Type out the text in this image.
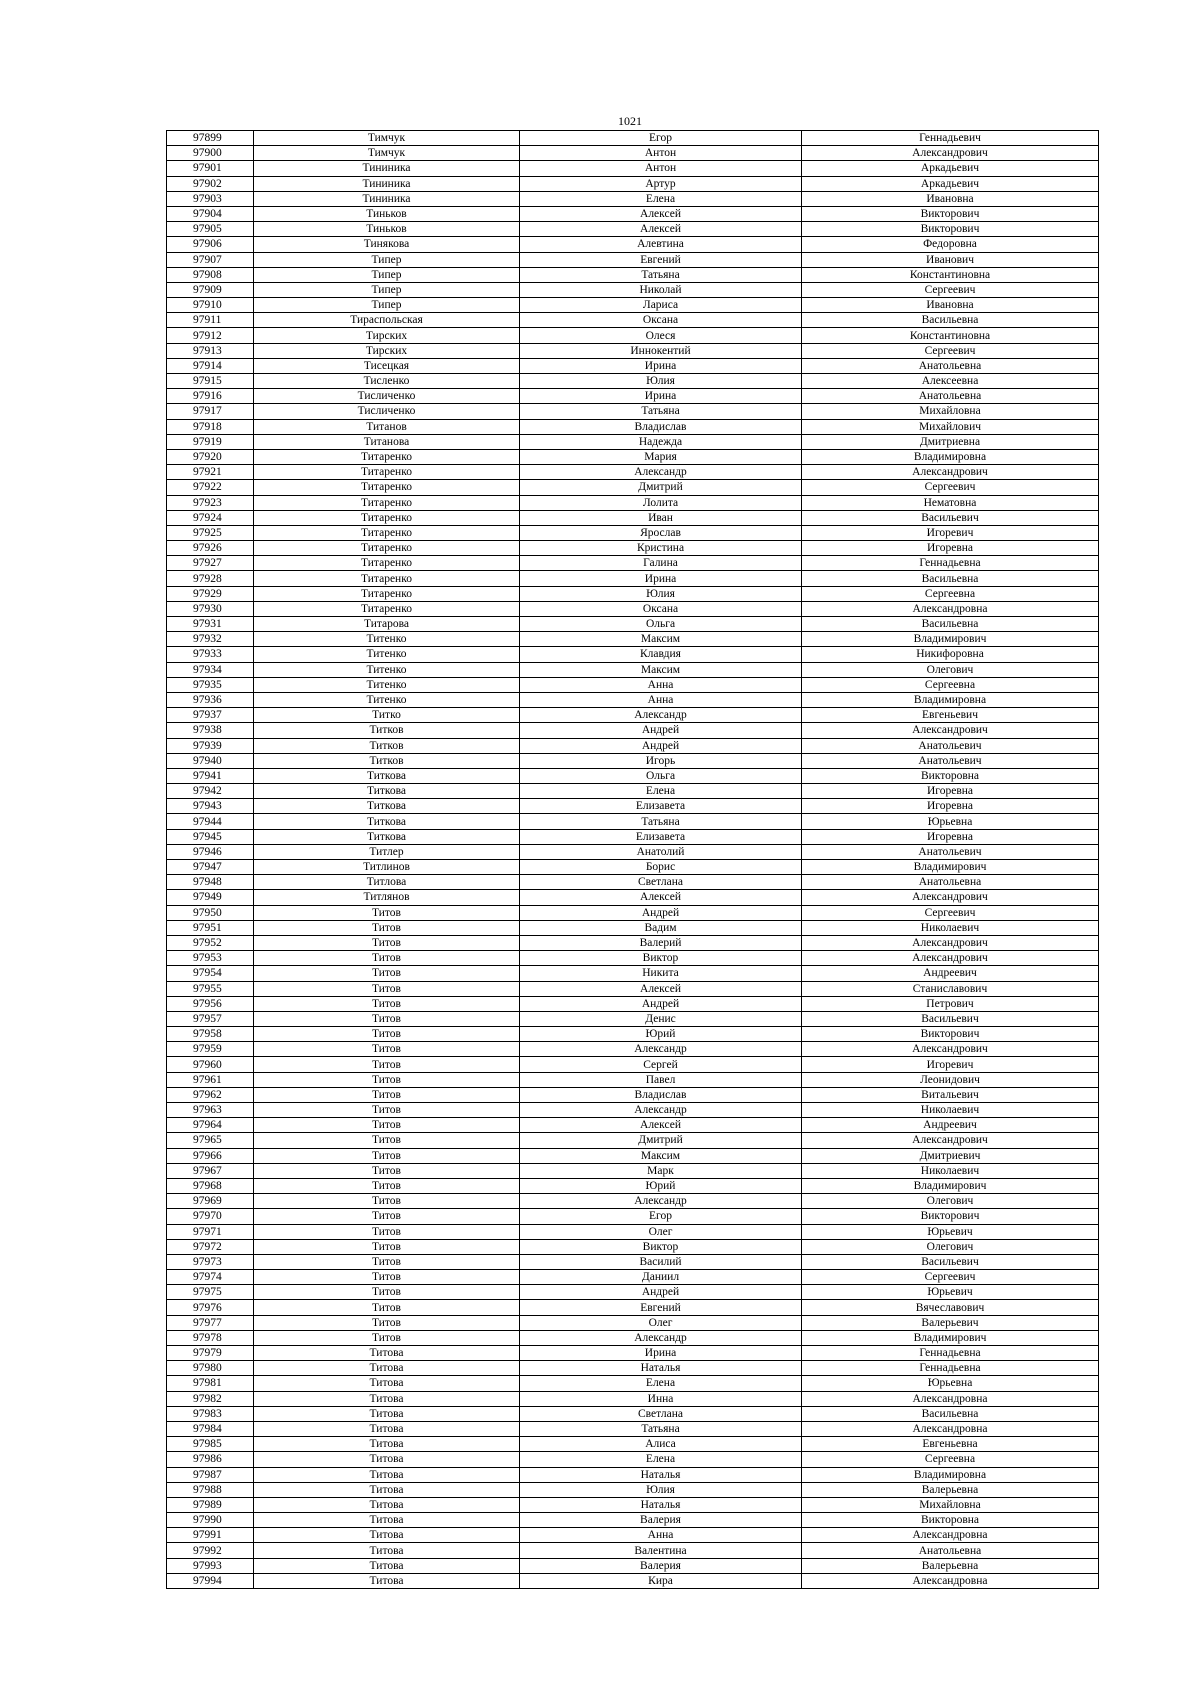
1021
97899	Тимчук	Егор	Геннадьевич
97900	Тимчук	Антон	Александрович
97901	Тининика	Антон	Аркадьевич
97902	Тининика	Артур	Аркадьевич
97903	Тининика	Елена	Ивановна
97904	Тиньков	Алексей	Викторович
97905	Тиньков	Алексей	Викторович
97906	Тинякова	Алевтина	Федоровна
97907	Типер	Евгений	Иванович
97908	Типер	Татьяна	Константиновна
97909	Типер	Николай	Сергеевич
97910	Типер	Лариса	Ивановна
97911	Тираспольская	Оксана	Васильевна
97912	Тирских	Олеся	Константиновна
97913	Тирских	Иннокентий	Сергеевич
97914	Тисецкая	Ирина	Анатольевна
97915	Тисленко	Юлия	Алексеевна
97916	Тисличенко	Ирина	Анатольевна
97917	Тисличенко	Татьяна	Михайловна
97918	Титанов	Владислав	Михайлович
97919	Титанова	Надежда	Дмитриевна
97920	Титаренко	Мария	Владимировна
97921	Титаренко	Александр	Александрович
97922	Титаренко	Дмитрий	Сергеевич
97923	Титаренко	Лолита	Нематовна
97924	Титаренко	Иван	Васильевич
97925	Титаренко	Ярослав	Игоревич
97926	Титаренко	Кристина	Игоревна
97927	Титаренко	Галина	Геннадьевна
97928	Титаренко	Ирина	Васильевна
97929	Титаренко	Юлия	Сергеевна
97930	Титаренко	Оксана	Александровна
97931	Титарова	Ольга	Васильевна
97932	Титенко	Максим	Владимирович
97933	Титенко	Клавдия	Никифоровна
97934	Титенко	Максим	Олегович
97935	Титенко	Анна	Сергеевна
97936	Титенко	Анна	Владимировна
97937	Титко	Александр	Евгеньевич
97938	Титков	Андрей	Александрович
97939	Титков	Андрей	Анатольевич
97940	Титков	Игорь	Анатольевич
97941	Титкова	Ольга	Викторовна
97942	Титкова	Елена	Игоревна
97943	Титкова	Елизавета	Игоревна
97944	Титкова	Татьяна	Юрьевна
97945	Титкова	Елизавета	Игоревна
97946	Титлер	Анатолий	Анатольевич
97947	Титлинов	Борис	Владимирович
97948	Титлова	Светлана	Анатольевна
97949	Титлянов	Алексей	Александрович
97950	Титов	Андрей	Сергеевич
97951	Титов	Вадим	Николаевич
97952	Титов	Валерий	Александрович
97953	Титов	Виктор	Александрович
97954	Титов	Никита	Андреевич
97955	Титов	Алексей	Станиславович
97956	Титов	Андрей	Петрович
97957	Титов	Денис	Васильевич
97958	Титов	Юрий	Викторович
97959	Титов	Александр	Александрович
97960	Титов	Сергей	Игоревич
97961	Титов	Павел	Леонидович
97962	Титов	Владислав	Витальевич
97963	Титов	Александр	Николаевич
97964	Титов	Алексей	Андреевич
97965	Титов	Дмитрий	Александрович
97966	Титов	Максим	Дмитриевич
97967	Титов	Марк	Николаевич
97968	Титов	Юрий	Владимирович
97969	Титов	Александр	Олегович
97970	Титов	Егор	Викторович
97971	Титов	Олег	Юрьевич
97972	Титов	Виктор	Олегович
97973	Титов	Василий	Васильевич
97974	Титов	Даниил	Сергеевич
97975	Титов	Андрей	Юрьевич
97976	Титов	Евгений	Вячеславович
97977	Титов	Олег	Валерьевич
97978	Титов	Александр	Владимирович
97979	Титова	Ирина	Геннадьевна
97980	Титова	Наталья	Геннадьевна
97981	Титова	Елена	Юрьевна
97982	Титова	Инна	Александровна
97983	Титова	Светлана	Васильевна
97984	Титова	Татьяна	Александровна
97985	Титова	Алиса	Евгеньевна
97986	Титова	Елена	Сергеевна
97987	Титова	Наталья	Владимировна
97988	Титова	Юлия	Валерьевна
97989	Титова	Наталья	Михайловна
97990	Титова	Валерия	Викторовна
97991	Титова	Анна	Александровна
97992	Титова	Валентина	Анатольевна
97993	Титова	Валерия	Валерьевна
97994	Титова	Кира	Александровна
